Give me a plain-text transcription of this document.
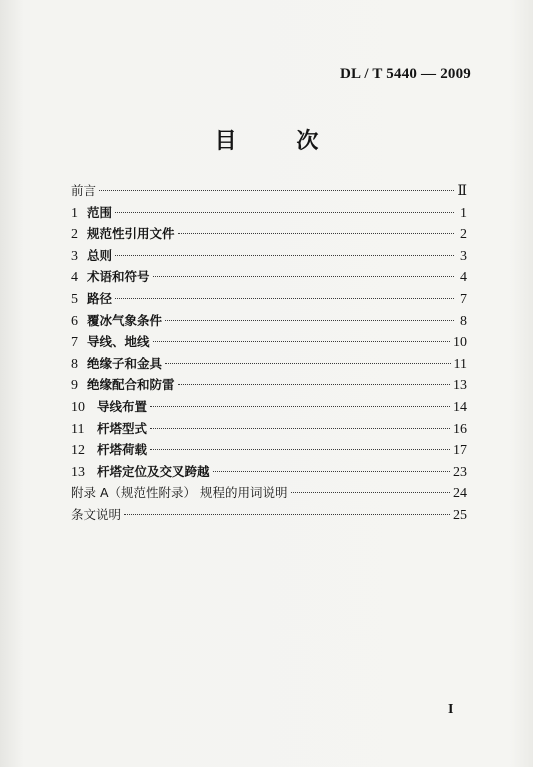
DL / T 5440 — 2009
目 次
前言	Ⅱ
1 范围	1
2 规范性引用文件	2
3 总则	3
4 术语和符号	4
5 路径	7
6 覆冰气象条件	8
7 导线、地线	10
8 绝缘子和金具	11
9 绝缘配合和防雷	13
10 导线布置	14
11	杆塔型式	16
12 杆塔荷载	17
13 杆塔定位及交叉跨越	23
附录 A（规范性附录） 规程的用词说明	24
条文说明	25
I
